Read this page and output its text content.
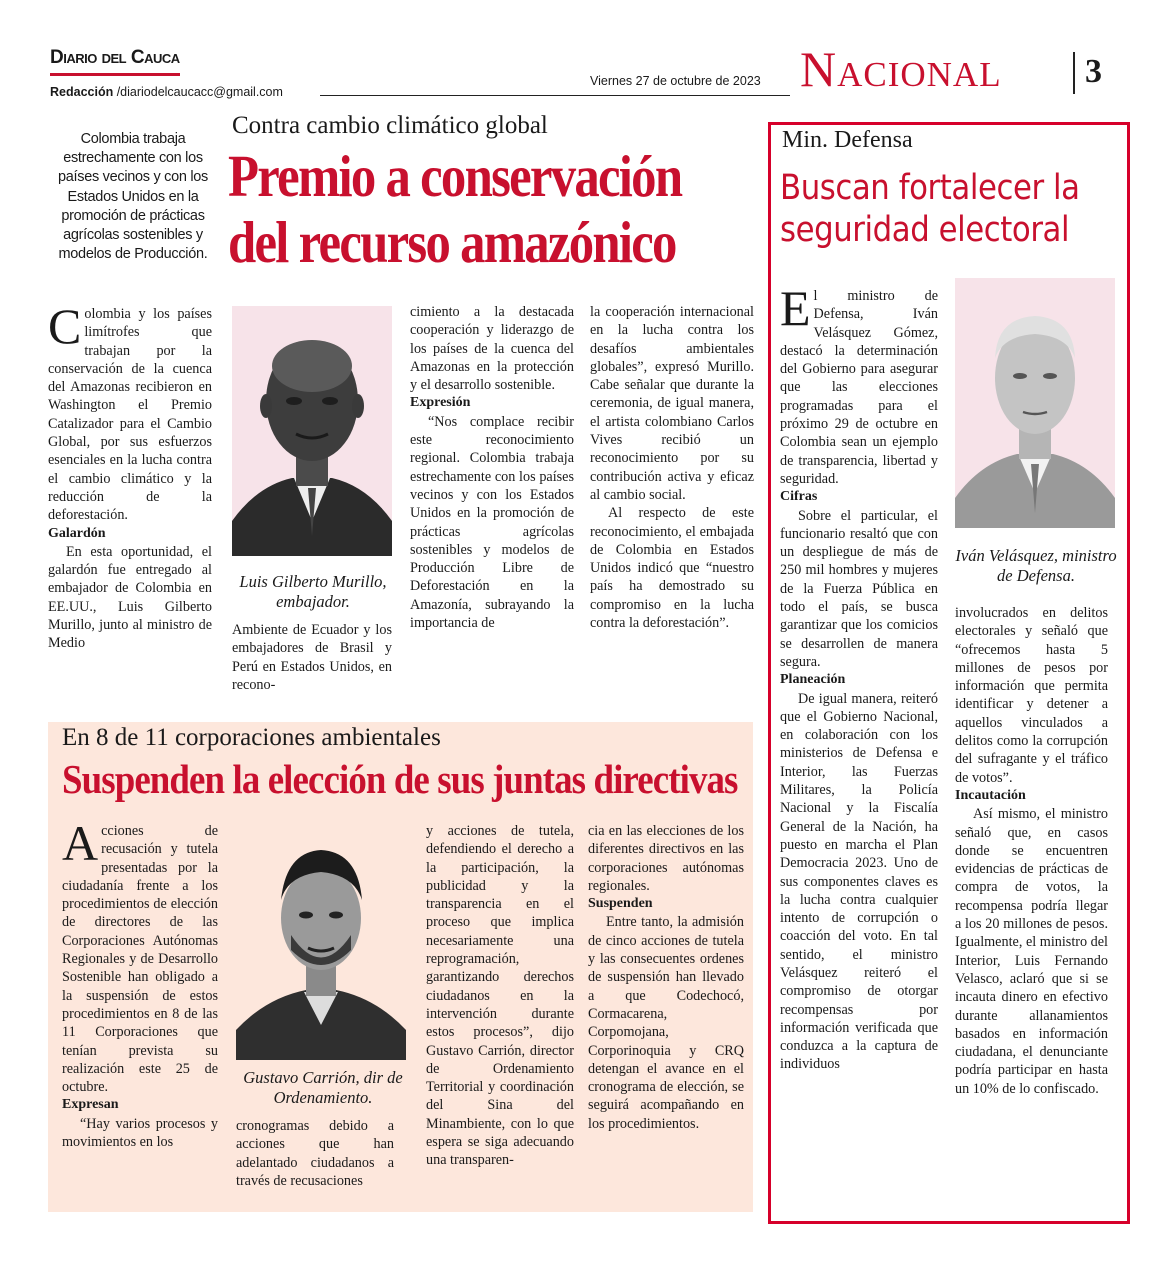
Diario del Cauca
Redacción /diariodelcaucacc@gmail.com
Viernes 27 de octubre de 2023 Nacional 3
Contra cambio climático global
Premio a conservación
del recurso amazónico
Colombia trabaja estrechamente con los países vecinos y con los Estados Unidos en la promoción de prácticas agrícolas sostenibles y modelos de Producción.

Colombia y los países limítrofes que trabajan por la conservación de la cuenca del Amazonas recibieron en Washington el Premio Catalizador para el Cambio Global, por sus esfuerzos esenciales en la lucha contra el cambio climático y la reducción de la deforestación.

Galardón

En esta oportunidad, el galardón fue entregado al embajador de Colombia en EE.UU., Luis Gilberto Murillo, junto al ministro de Medio

Luis Gilberto Murillo, embajador.

Ambiente de Ecuador y los embajadores de Brasil y Perú en Estados Unidos, en recono-

cimiento a la destacada cooperación y liderazgo de los países de la cuenca del Amazonas en la protección y el desarrollo sostenible.

Expresión

“Nos complace recibir este reconocimiento regional. Colombia trabaja estrechamente con los países vecinos y con los Estados Unidos en la promoción de prácticas agrícolas sostenibles y modelos de Producción Libre de Deforestación en la Amazonía, subrayando la importancia de

la cooperación internacional en la lucha contra los desafíos ambientales globales”, expresó Murillo. Cabe señalar que durante la ceremonia, de igual manera, el artista colombiano Carlos Vives recibió un reconocimiento por su contribución activa y eficaz al cambio social.

Al respecto de este reconocimiento, el embajada de Colombia en Estados Unidos indicó que “nuestro país ha demostrado su compromiso en la lucha contra la deforestación”.

En 8 de 11 corporaciones ambientales
Suspenden la elección de sus juntas directivas

Acciones de recusación y tutela presentadas por la ciudadanía frente a los procedimientos de elección de directores de las Corporaciones Autónomas Regionales y de Desarrollo Sostenible han obligado a la suspensión de estos procedimientos en 8 de las 11 Corporaciones que tenían prevista su realización este 25 de octubre.

Expresan

“Hay varios procesos y movimientos en los

Gustavo Carrión, dir de Ordenamiento.

cronogramas debido a acciones que han adelantado ciudadanos a través de recusaciones

y acciones de tutela, defendiendo el derecho a la participación, la publicidad y la transparencia en el proceso que implica necesariamente una reprogramación, garantizando derechos ciudadanos en la intervención durante estos procesos”, dijo Gustavo Carrión, director de Ordenamiento Territorial y coordinación del Sina del Minambiente, con lo que espera se siga adecuando una transparen-

cia en las elecciones de los diferentes directivos en las corporaciones autónomas regionales.

Suspenden

Entre tanto, la admisión de cinco acciones de tutela y las consecuentes ordenes de suspensión han llevado a que Codechocó, Cormacarena, Corpomojana, Corporinoquia y CRQ detengan el avance en el cronograma de elección, se seguirá acompañando en los procedimientos.

Min. Defensa
Buscan fortalecer la
seguridad electoral

El ministro de Defensa, Iván Velásquez Gómez, destacó la determinación del Gobierno para asegurar que las elecciones programadas para el próximo 29 de octubre en Colombia sean un ejemplo de transparencia, libertad y seguridad.

Cifras

Sobre el particular, el funcionario resaltó que con un despliegue de más de 250 mil hombres y mujeres de la Fuerza Pública en todo el país, se busca garantizar que los comicios se desarrollen de manera segura.

Planeación

De igual manera, reiteró que el Gobierno Nacional, en colaboración con los ministerios de Defensa e Interior, las Fuerzas Militares, la Policía Nacional y la Fiscalía General de la Nación, ha puesto en marcha el Plan Democracia 2023. Uno de sus componentes claves es la lucha contra cualquier intento de corrupción o coacción del voto. En tal sentido, el ministro Velásquez reiteró el compromiso de otorgar recompensas por información verificada que conduzca a la captura de individuos

Iván Velásquez, ministro de Defensa.

involucrados en delitos electorales y señaló que “ofrecemos hasta 5 millones de pesos por información que permita identificar y detener a aquellos vinculados a delitos como la corrupción del sufragante y el tráfico de votos”.

Incautación

Así mismo, el ministro señaló que, en casos donde se encuentren evidencias de prácticas de compra de votos, la recompensa podría llegar a los 20 millones de pesos. Igualmente, el ministro del Interior, Luis Fernando Velasco, aclaró que si se incauta dinero en efectivo durante allanamientos basados en información ciudadana, el denunciante podría participar en hasta un 10% de lo confiscado.
